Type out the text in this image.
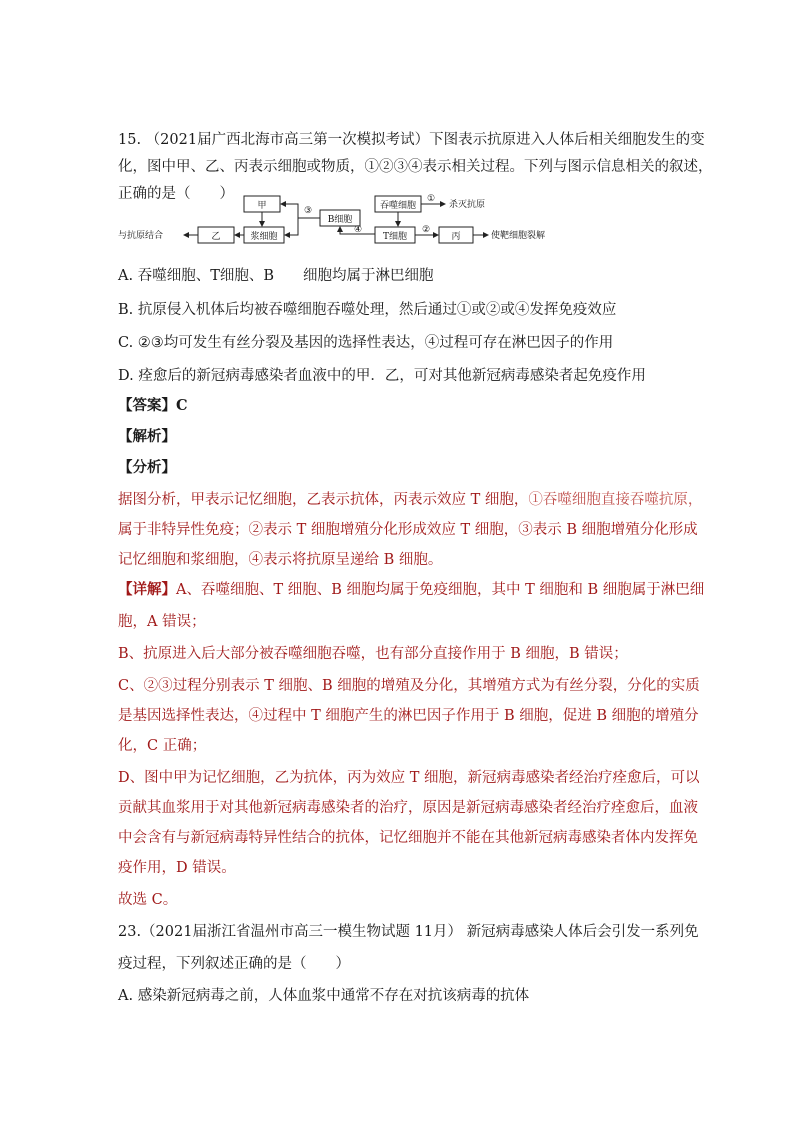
15. （2021届广西北海市高三第一次模拟考试）下图表示抗原进入人体后相关细胞发生的变
化，图中甲、乙、丙表示细胞或物质，①②③④表示相关过程。下列与图示信息相关的叙述，
正确的是（　　）
甲
乙	浆细胞
B细胞
吞噬细胞
T细胞	丙
杀灭抗原
使靶细胞裂解
与抗原结合
①
②
③
④
A. 吞噬细胞、T细胞、B　　细胞均属于淋巴细胞
B. 抗原侵入机体后均被吞噬细胞吞噬处理，然后通过①或②或④发挥免疫效应
C. ②③均可发生有丝分裂及基因的选择性表达，④过程可存在淋巴因子的作用
D. 痊愈后的新冠病毒感染者血液中的甲．乙，可对其他新冠病毒感染者起免疫作用
【答案】C
【解析】
【分析】
据图分析，甲表示记忆细胞，乙表示抗体，丙表示效应 T 细胞，①吞噬细胞直接吞噬抗原，
属于非特异性免疫；②表示 T 细胞增殖分化形成效应 T 细胞，③表示 B 细胞增殖分化形成
记忆细胞和浆细胞，④表示将抗原呈递给 B 细胞。
【详解】A、吞噬细胞、T 细胞、B 细胞均属于免疫细胞，其中 T 细胞和 B 细胞属于淋巴细
胞，A 错误；
B、抗原进入后大部分被吞噬细胞吞噬，也有部分直接作用于 B 细胞，B 错误；
C、②③过程分别表示 T 细胞、B 细胞的增殖及分化，其增殖方式为有丝分裂，分化的实质
是基因选择性表达，④过程中 T 细胞产生的淋巴因子作用于 B 细胞，促进 B 细胞的增殖分
化，C 正确；
D、图中甲为记忆细胞，乙为抗体，丙为效应 T 细胞，新冠病毒感染者经治疗痊愈后，可以
贡献其血浆用于对其他新冠病毒感染者的治疗，原因是新冠病毒感染者经治疗痊愈后，血液
中会含有与新冠病毒特异性结合的抗体，记忆细胞并不能在其他新冠病毒感染者体内发挥免
疫作用，D 错误。
故选 C。
23.（2021届浙江省温州市高三一模生物试题 11月） 新冠病毒感染人体后会引发一系列免
疫过程，下列叙述正确的是（　　）
A. 感染新冠病毒之前，人体血浆中通常不存在对抗该病毒的抗体
